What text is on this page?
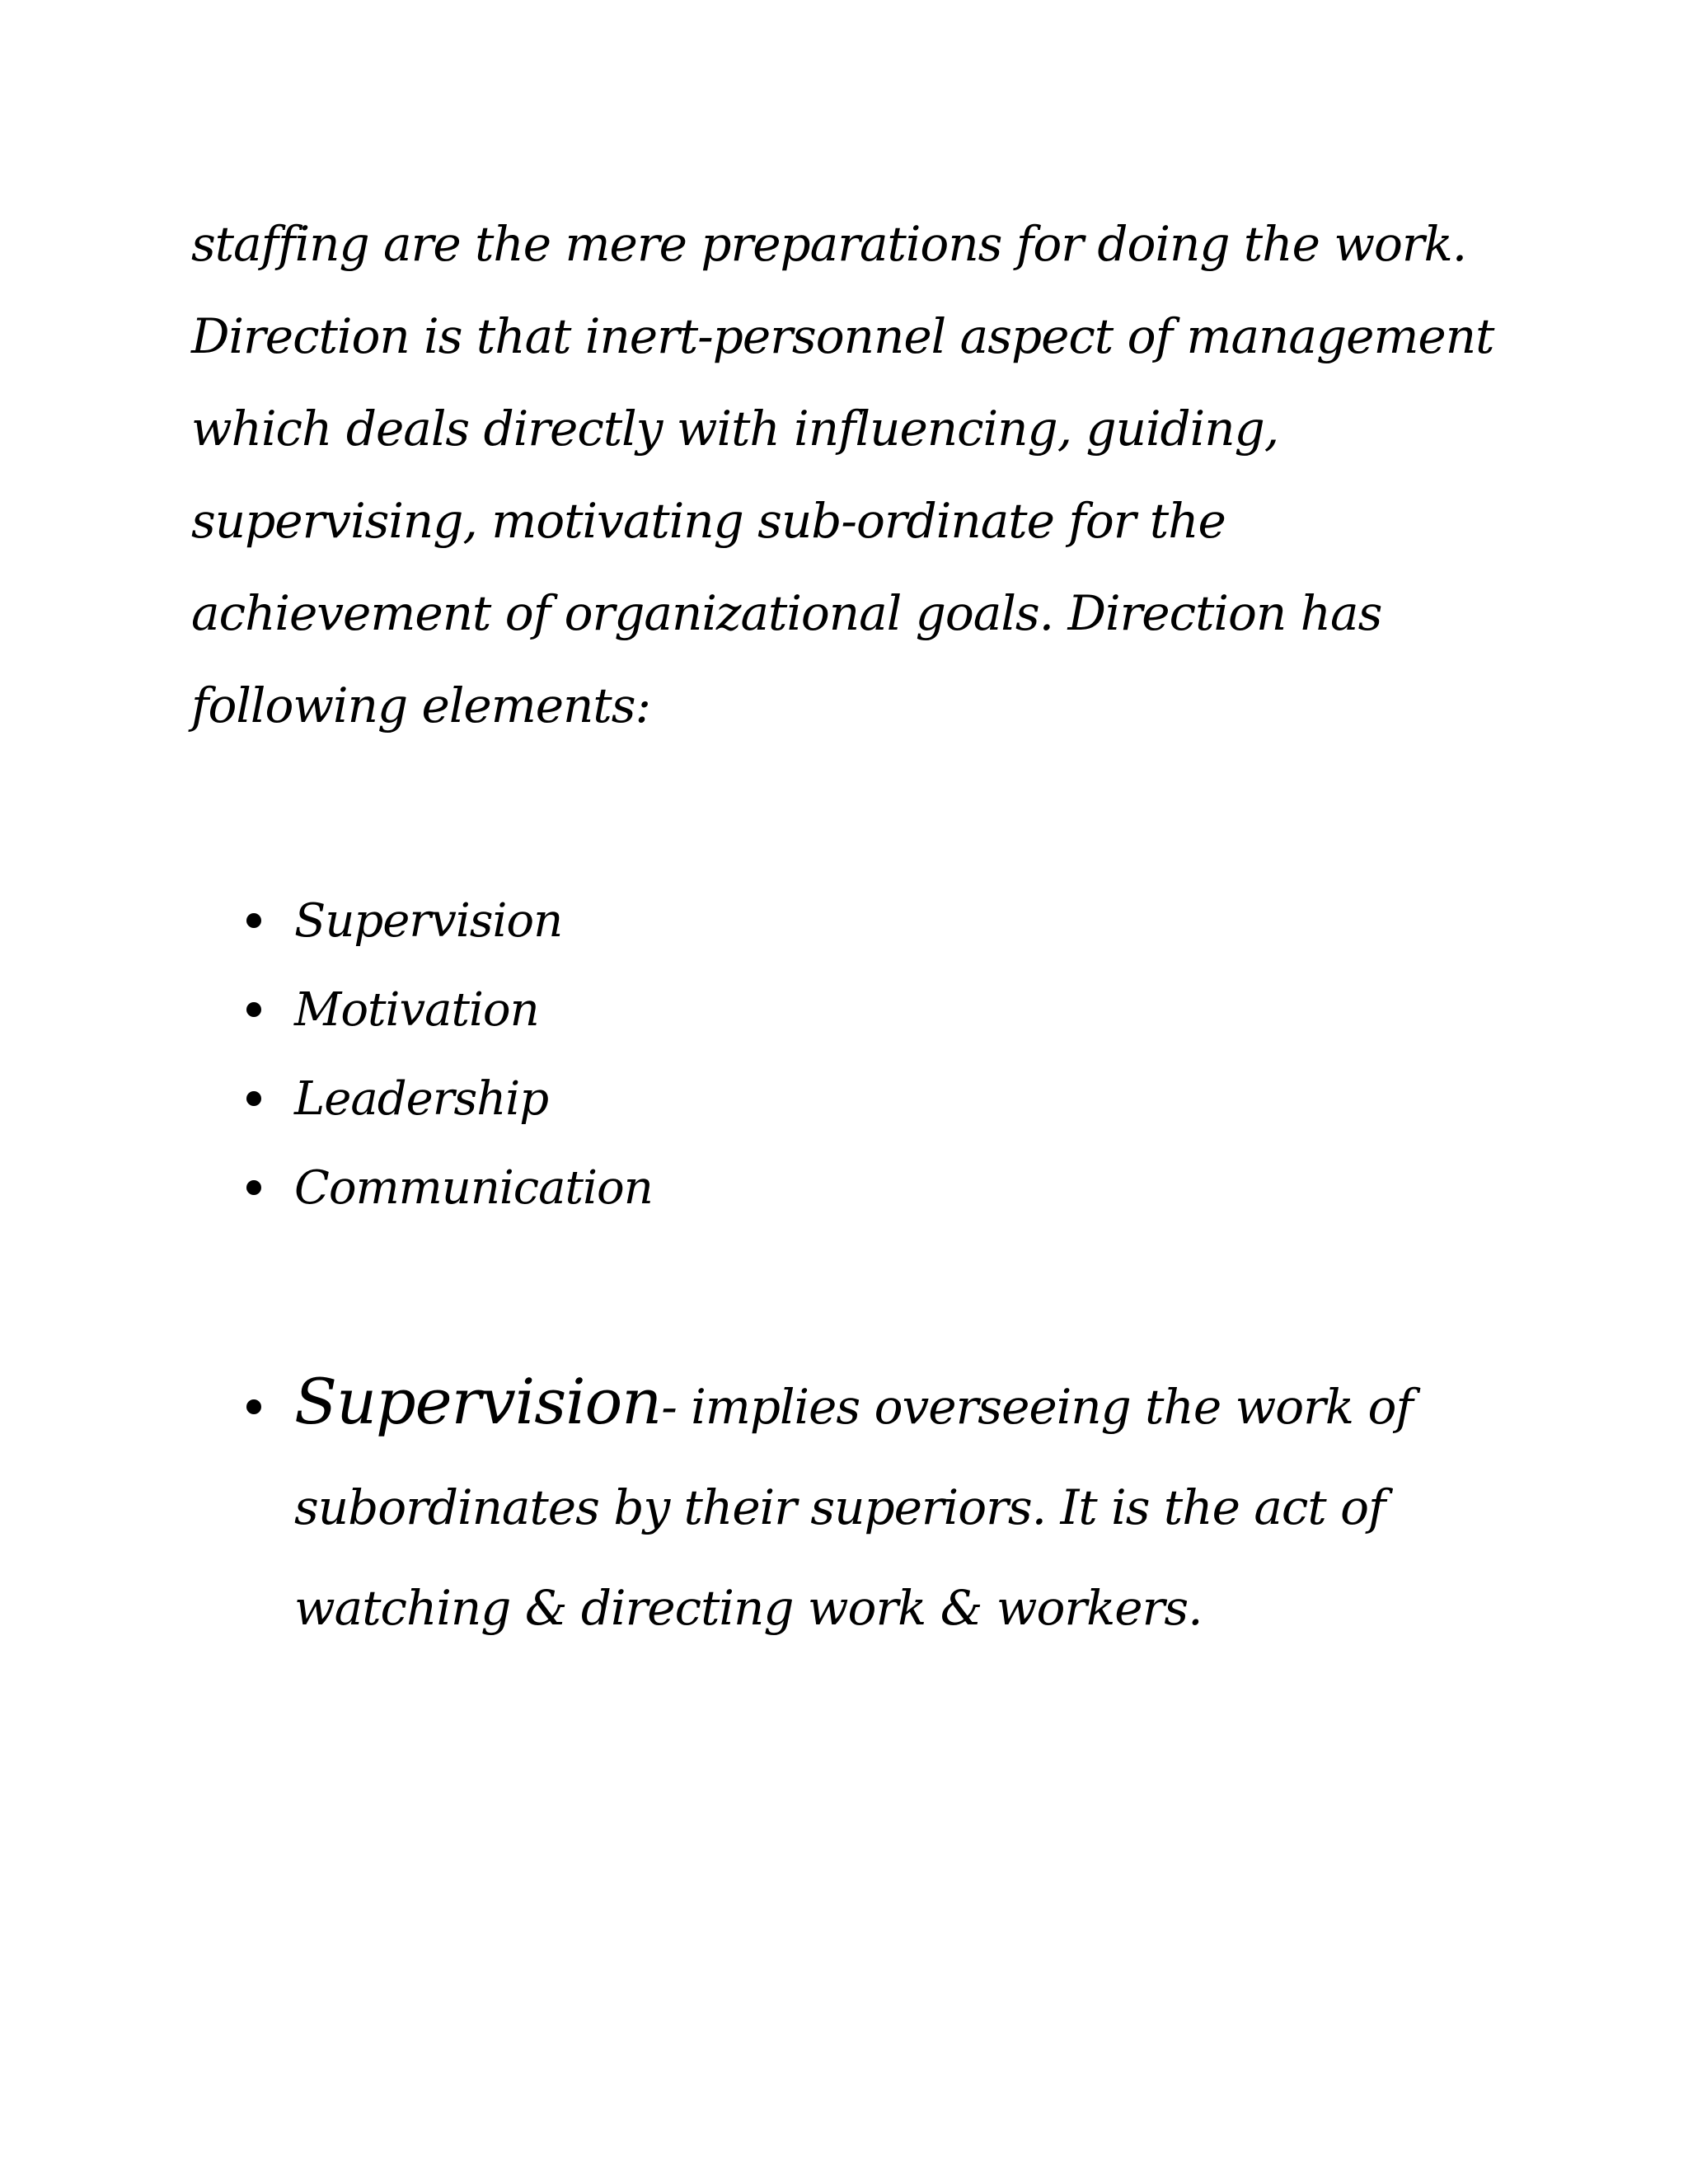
staffing are the mere preparations for doing the work.
Direction is that inert-personnel aspect of management
which deals directly with influencing, guiding,
supervising, motivating sub-ordinate for the
achievement of organizational goals. Direction has
following elements:
Supervision
Motivation
Leadership
Communication
Supervision- implies overseeing the work of
subordinates by their superiors. It is the act of
watching & directing work & workers.
